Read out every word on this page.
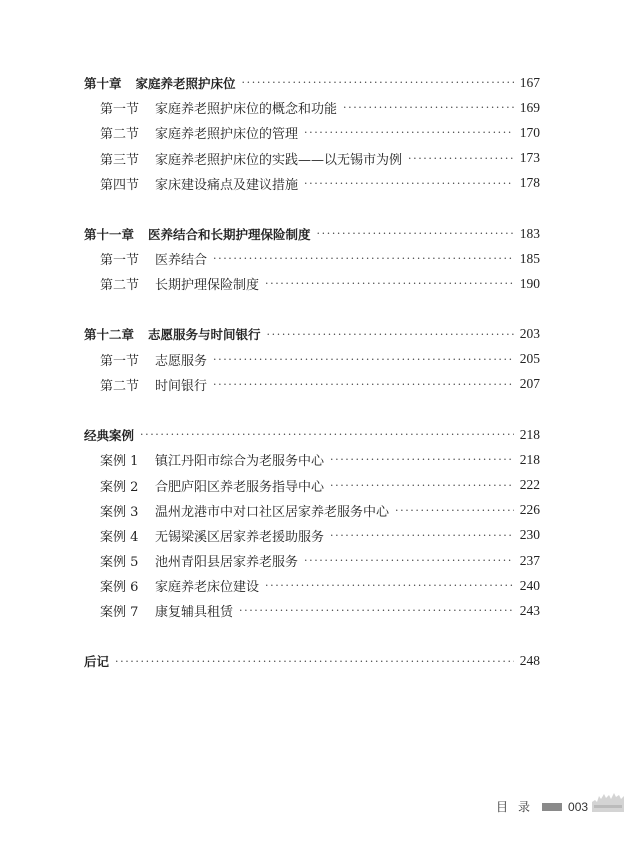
第十章 家庭养老照护床位 ·····	167
第一节	家庭养老照护床位的概念和功能 ·····	169
第二节	家庭养老照护床位的管理 ·····	170
第三节	家庭养老照护床位的实践——以无锡市为例 ·····	173
第四节	家床建设痛点及建议措施 ·····	178
第十一章 医养结合和长期护理保险制度 ·····	183
第一节	医养结合 ·····	185
第二节	长期护理保险制度 ·····	190
第十二章 志愿服务与时间银行 ·····	203
第一节	志愿服务 ·····	205
第二节	时间银行 ·····	207
经典案例 ·····	218
案例 1	镇江丹阳市综合为老服务中心 ·····	218
案例 2	合肥庐阳区养老服务指导中心 ·····	222
案例 3	温州龙港市中对口社区居家养老服务中心 ·····	226
案例 4	无锡梁溪区居家养老援助服务 ·····	230
案例 5	池州青阳县居家养老服务 ·····	237
案例 6	家庭养老床位建设 ·····	240
案例 7	康复辅具租赁 ·····	243
后记 ·····	248
目录 003
